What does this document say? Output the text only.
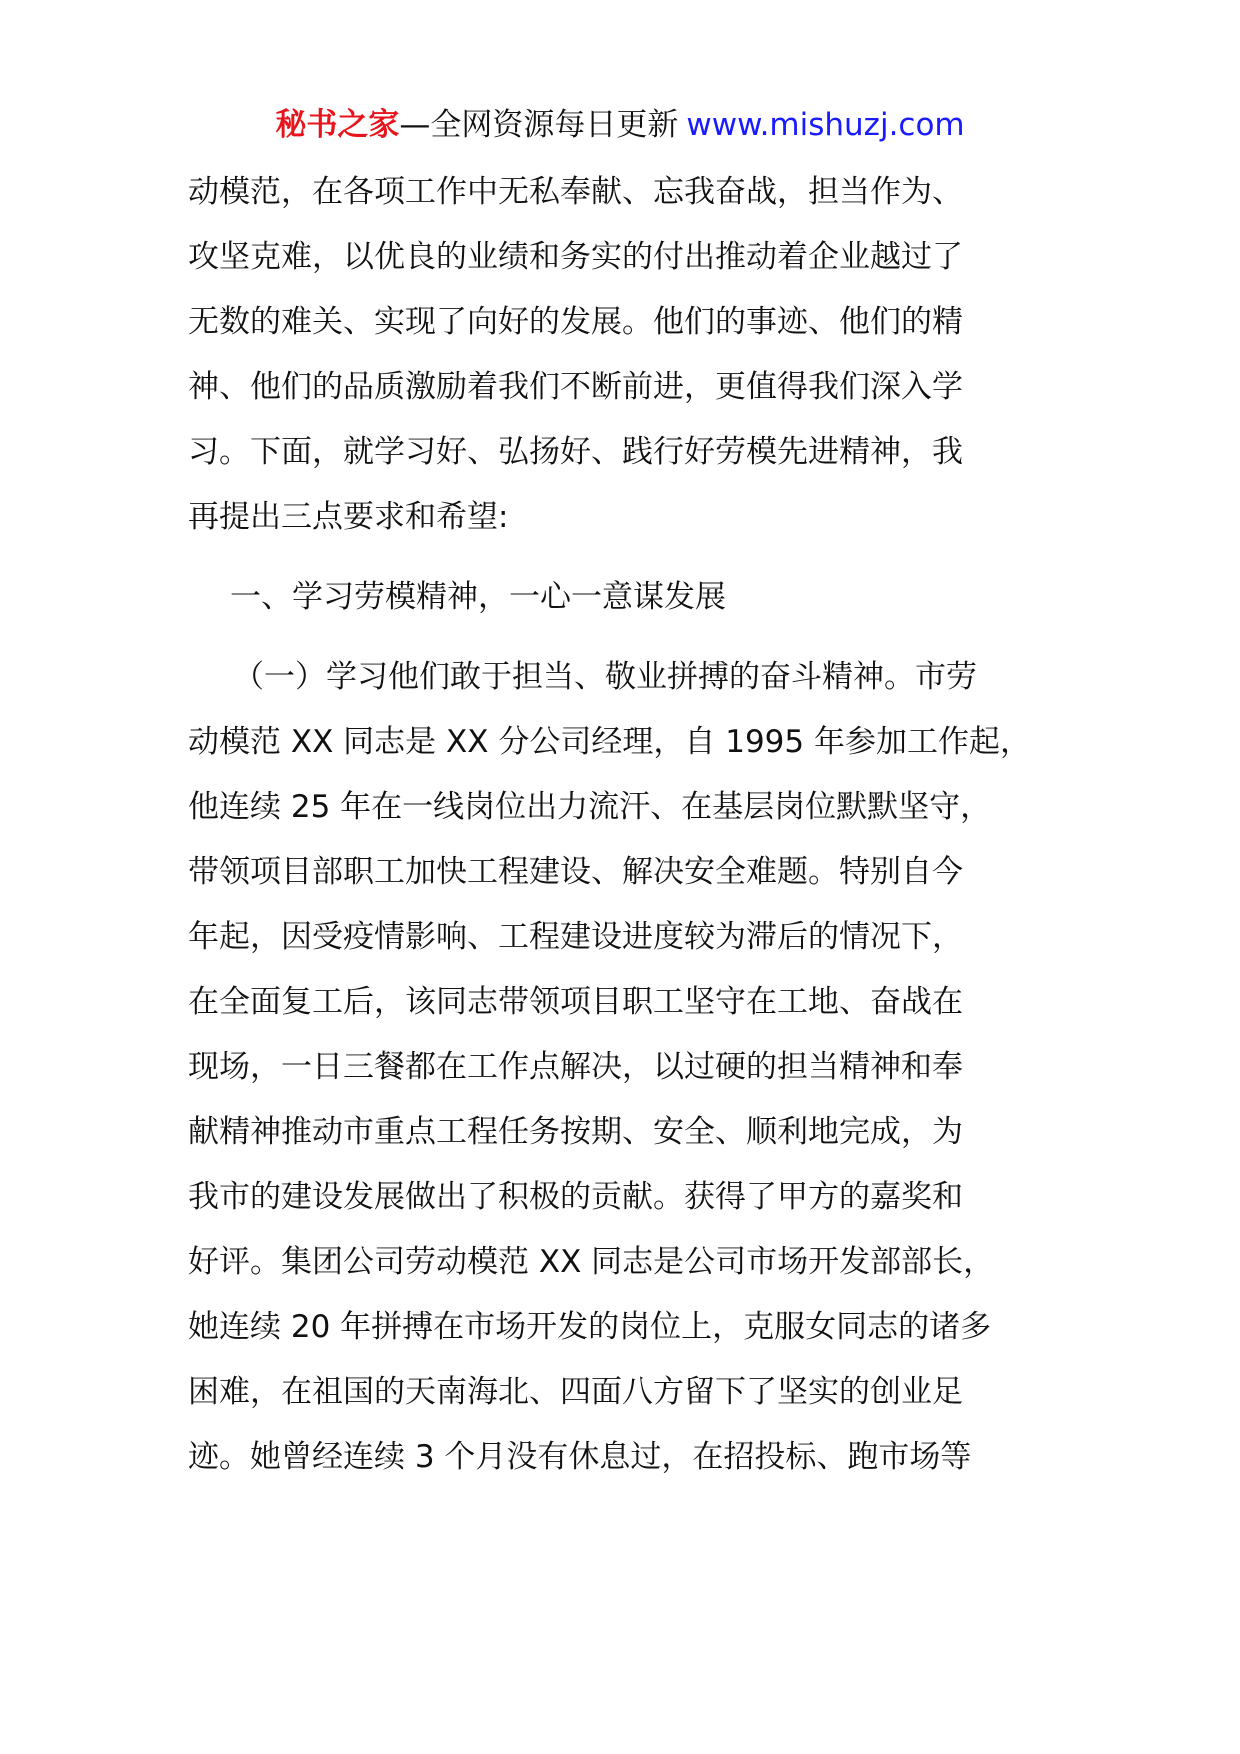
秘书之家—全网资源每日更新 www.mishuzj.com
动模范，在各项工作中无私奉献、忘我奋战，担当作为、
攻坚克难，以优良的业绩和务实的付出推动着企业越过了
无数的难关、实现了向好的发展。他们的事迹、他们的精
神、他们的品质激励着我们不断前进，更值得我们深入学
习。下面，就学习好、弘扬好、践行好劳模先进精神，我
再提出三点要求和希望:
一、学习劳模精神，一心一意谋发展
（一）学习他们敢于担当、敬业拼搏的奋斗精神。市劳
动模范 XX 同志是 XX 分公司经理，自 1995 年参加工作起，
他连续 25 年在一线岗位出力流汗、在基层岗位默默坚守，
带领项目部职工加快工程建设、解决安全难题。特别自今
年起，因受疫情影响、工程建设进度较为滞后的情况下，
在全面复工后，该同志带领项目职工坚守在工地、奋战在
现场，一日三餐都在工作点解决，以过硬的担当精神和奉
献精神推动市重点工程任务按期、安全、顺利地完成，为
我市的建设发展做出了积极的贡献。获得了甲方的嘉奖和
好评。集团公司劳动模范 XX 同志是公司市场开发部部长，
她连续 20 年拼搏在市场开发的岗位上，克服女同志的诸多
困难，在祖国的天南海北、四面八方留下了坚实的创业足
迹。她曾经连续 3 个月没有休息过，在招投标、跑市场等
